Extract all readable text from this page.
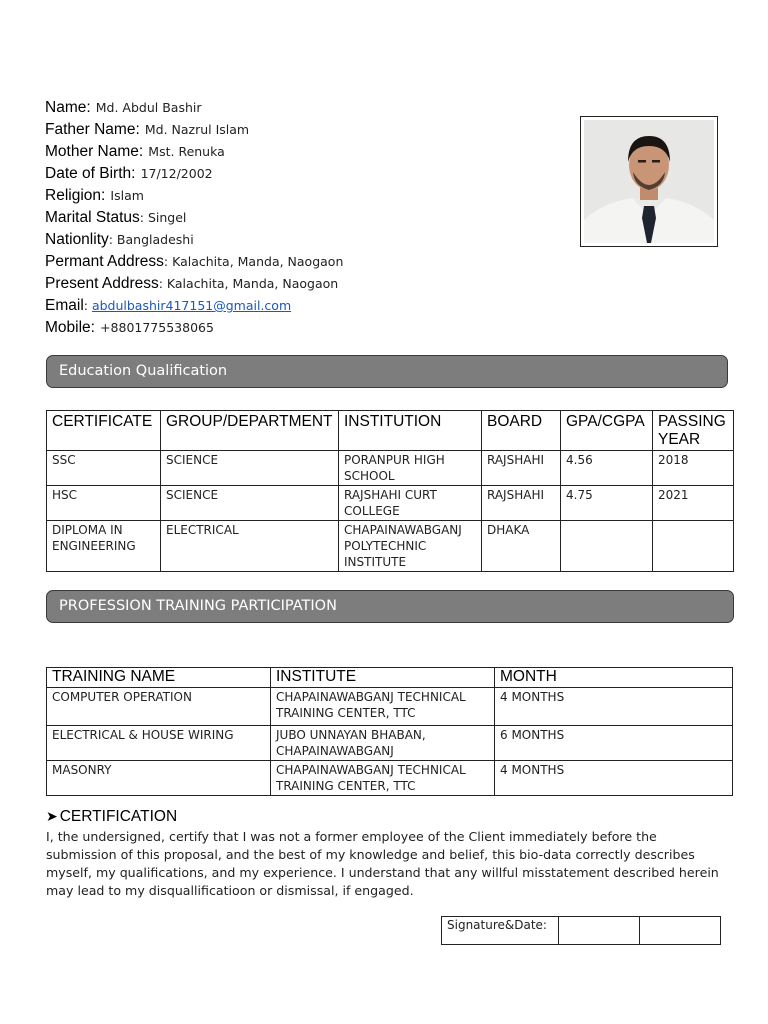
Name: Md. Abdul Bashir
Father Name: Md. Nazrul Islam
Mother Name: Mst. Renuka
Date of Birth: 17/12/2002
Religion: Islam
Marital Status: Singel
Nationlity: Bangladeshi
Permant Address: Kalachita, Manda, Naogaon
Present Address: Kalachita, Manda, Naogaon
Email: abdulbashir417151@gmail.com
Mobile: +8801775538065
Education Qualification
CERTIFICATE	GROUP/DEPARTMENT	INSTITUTION	BOARD	GPA/CGPA	PASSING YEAR
SSC	SCIENCE	PORANPUR HIGH SCHOOL	RAJSHAHI	4.56	2018
HSC	SCIENCE	RAJSHAHI CURT COLLEGE	RAJSHAHI	4.75	2021
DIPLOMA IN ENGINEERING	ELECTRICAL	CHAPAINAWABGANJ POLYTECHNIC INSTITUTE	DHAKA		
PROFESSION TRAINING PARTICIPATION
TRAINING NAME	INSTITUTE	MONTH
COMPUTER OPERATION	CHAPAINAWABGANJ TECHNICAL TRAINING CENTER, TTC	4 MONTHS
ELECTRICAL & HOUSE WIRING	JUBO UNNAYAN BHABAN, CHAPAINAWABGANJ	6 MONTHS
MASONRY	CHAPAINAWABGANJ TECHNICAL TRAINING CENTER, TTC	4 MONTHS
➤ CERTIFICATION
I, the undersigned, certify that I was not a former employee of the Client immediately before the submission of this proposal, and the best of my knowledge and belief, this bio-data correctly describes myself, my qualifications, and my experience. I understand that any willful misstatement described herein may lead to my disquallificatioon or dismissal, if engaged.
Signature&Date:		
